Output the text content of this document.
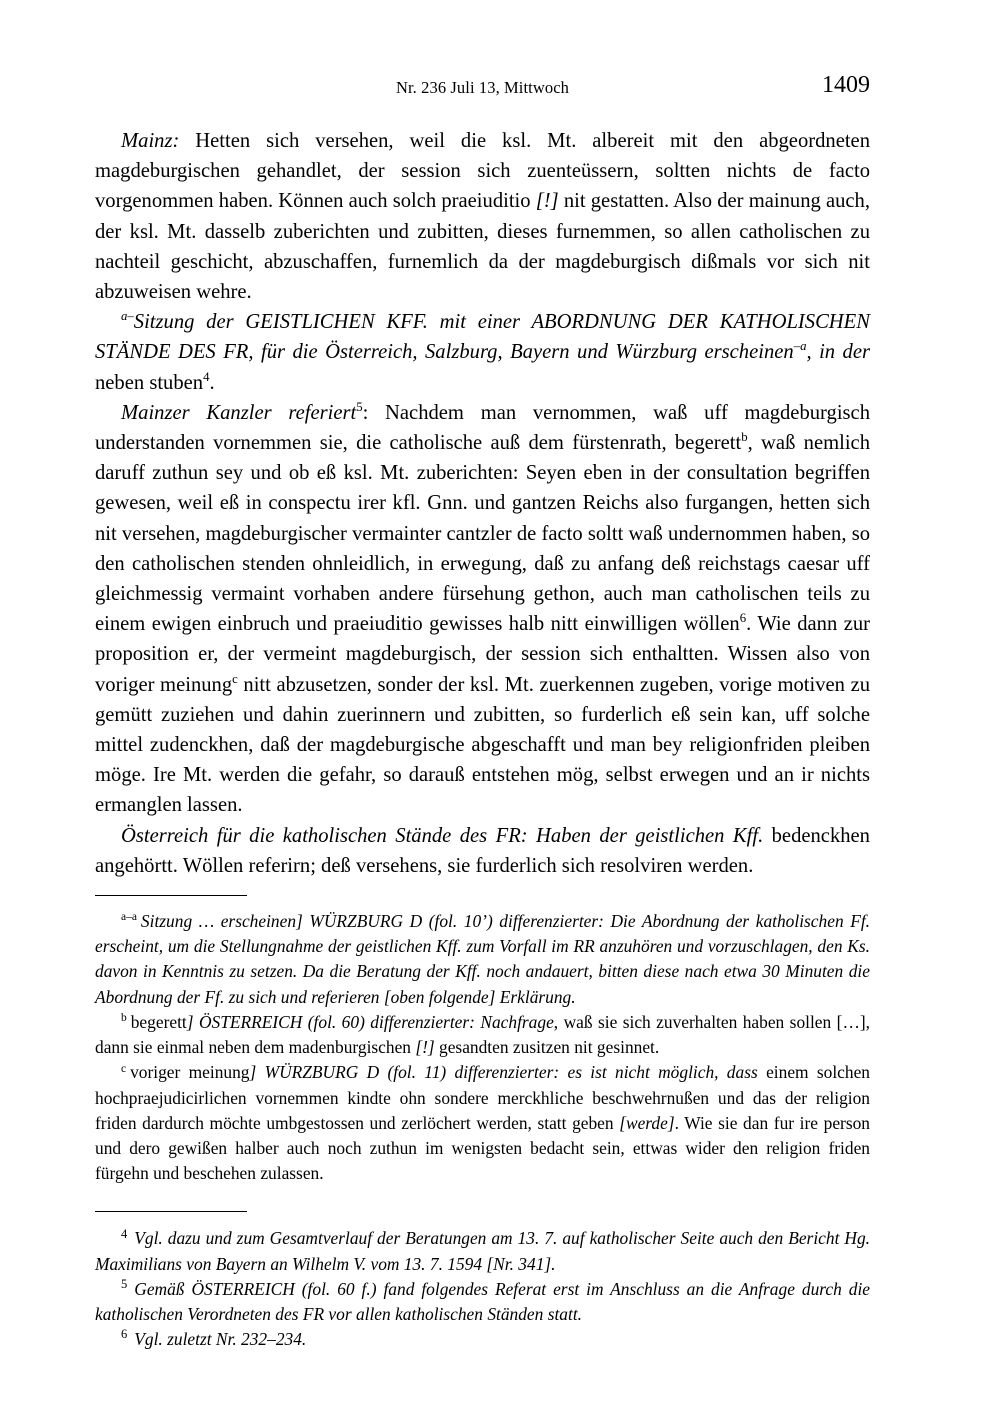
Nr. 236 Juli 13, Mittwoch	1409

Mainz: Hetten sich versehen, weil die ksl. Mt. albereit mit den abgeordneten magdeburgischen gehandlet, der session sich zuenteüssern, soltten nichts de facto vorgenommen haben. Können auch solch praeiuditio [!] nit gestatten. Also der mainung auch, der ksl. Mt. dasselb zuberichten und zubitten, dieses furnemmen, so allen catholischen zu nachteil geschicht, abzuschaffen, furnemlich da der magdeburgisch dißmals vor sich nit abzuweisen wehre.

$^{a-}$Sitzung der GEISTLICHEN KFF. mit einer ABORDNUNG DER KATHOLISCHEN STÄNDE DES FR, für die Österreich, Salzburg, Bayern und Würzburg erscheinen$^{-a}$, in der neben stuben$^4$.

Mainzer Kanzler referiert$^5$: Nachdem man vernommen, waß uff magdeburgisch understanden vornemmen sie, die catholische auß dem fürstenrath, begerett$^b$, waß nemlich daruff zuthun sey und ob eß ksl. Mt. zuberichten: Seyen eben in der consultation begriffen gewesen, weil eß in conspectu irer kfl. Gnn. und gantzen Reichs also furgangen, hetten sich nit versehen, magdeburgischer vermainter cantzler de facto soltt waß undernommen haben, so den catholischen stenden ohnleidlich, in erwegung, daß zu anfang deß reichstags caesar uff gleichmessig vermaint vorhaben andere fürsehung gethon, auch man catholischen teils zu einem ewigen einbruch und praeiuditio gewisses halb nitt einwilligen wöllen$^6$. Wie dann zur proposition er, der vermeint magdeburgisch, der session sich enthaltten. Wissen also von voriger meinung$^c$ nitt abzusetzen, sonder der ksl. Mt. zuerkennen zugeben, vorige motiven zu gemütt zuziehen und dahin zuerinnern und zubitten, so furderlich eß sein kan, uff solche mittel zudenckhen, daß der magdeburgische abgeschafft und man bey religionfriden pleiben möge. Ire Mt. werden die gefahr, so darauß entstehen mög, selbst erwegen und an ir nichts ermanglen lassen.

Österreich für die katholischen Stände des FR: Haben der geistlichen Kff. bedenckhen angehörtt. Wöllen referirn; deß versehens, sie furderlich sich resolviren werden.

$^{a-a}$ Sitzung … erscheinen] WÜRZBURG D (fol. 10’) differenzierter: Die Abordnung der katholischen Ff. erscheint, um die Stellungnahme der geistlichen Kff. zum Vorfall im RR anzuhören und vorzuschlagen, den Ks. davon in Kenntnis zu setzen. Da die Beratung der Kff. noch andauert, bitten diese nach etwa 30 Minuten die Abordnung der Ff. zu sich und referieren [oben folgende] Erklärung.

$^b$ begerett] ÖSTERREICH (fol. 60) differenzierter: Nachfrage, waß sie sich zuverhalten haben sollen […], dann sie einmal neben dem madenburgischen [!] gesandten zusitzen nit gesinnet.

$^c$ voriger meinung] WÜRZBURG D (fol. 11) differenzierter: es ist nicht möglich, dass einem solchen hochpraejudicirlichen vornemmen kindte ohn sondere merckhliche beschwehrnußen und das der religion friden dardurch möchte umbgestossen und zerlöchert werden, statt geben [werde]. Wie sie dan fur ire person und dero gewißen halber auch noch zuthun im wenigsten bedacht sein, ettwas wider den religion friden fürgehn und beschehen zulassen.

$^4$ Vgl. dazu und zum Gesamtverlauf der Beratungen am 13. 7. auf katholischer Seite auch den Bericht Hg. Maximilians von Bayern an Wilhelm V. vom 13. 7. 1594 [Nr. 341].

$^5$ Gemäß ÖSTERREICH (fol. 60 f.) fand folgendes Referat erst im Anschluss an die Anfrage durch die katholischen Verordneten des FR vor allen katholischen Ständen statt.

$^6$ Vgl. zuletzt Nr. 232–234.
